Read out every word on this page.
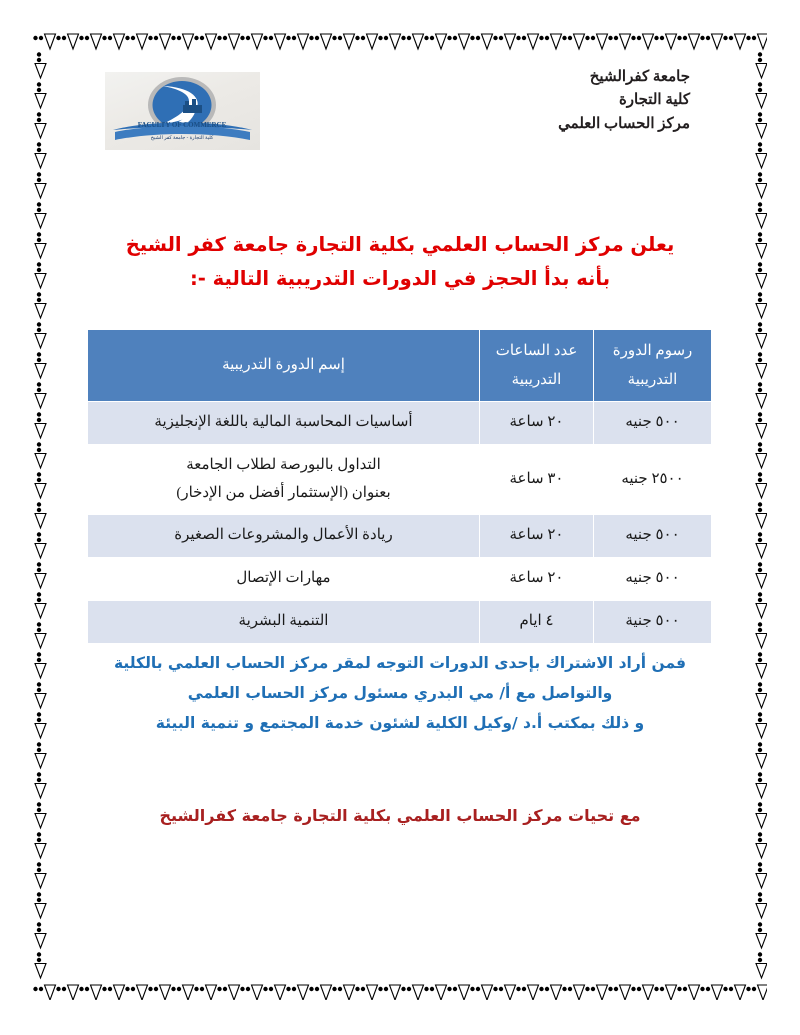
FACULTY OF COMMERCE
كلية التجارة - جامعة كفر الشيخ
جامعة كفرالشيخ
كلية التجارة
مركز الحساب العلمي
يعلن مركز الحساب العلمي بكلية التجارة جامعة كفر الشيخ
بأنه بدأ الحجز في الدورات التدريبية التالية -:
رسوم الدورة التدريبية	عدد الساعات التدريبية	إسم الدورة التدريبية
٥٠٠ جنيه	٢٠ ساعة	أساسيات المحاسبة المالية باللغة الإنجليزية

٢٥٠٠ جنيه	٣٠ ساعة	التداول بالبورصة لطلاب الجامعة
بعنوان (الإستثمار أفضل من الإدخار)

٥٠٠ جنيه	٢٠ ساعة	ريادة الأعمال والمشروعات الصغيرة

٥٠٠ جنيه	٢٠ ساعة	مهارات الإتصال

٥٠٠ جنية	٤ ايام	التنمية البشرية
فمن أراد الاشتراك بإحدى الدورات التوجه لمقر مركز الحساب العلمي بالكلية
والتواصل مع أ/ مي البدري مسئول مركز الحساب العلمي
و ذلك بمكتب أ.د /وكيل الكلية لشئون خدمة المجتمع و تنمية البيئة
مع تحيات مركز الحساب العلمي بكلية التجارة جامعة كفرالشيخ
